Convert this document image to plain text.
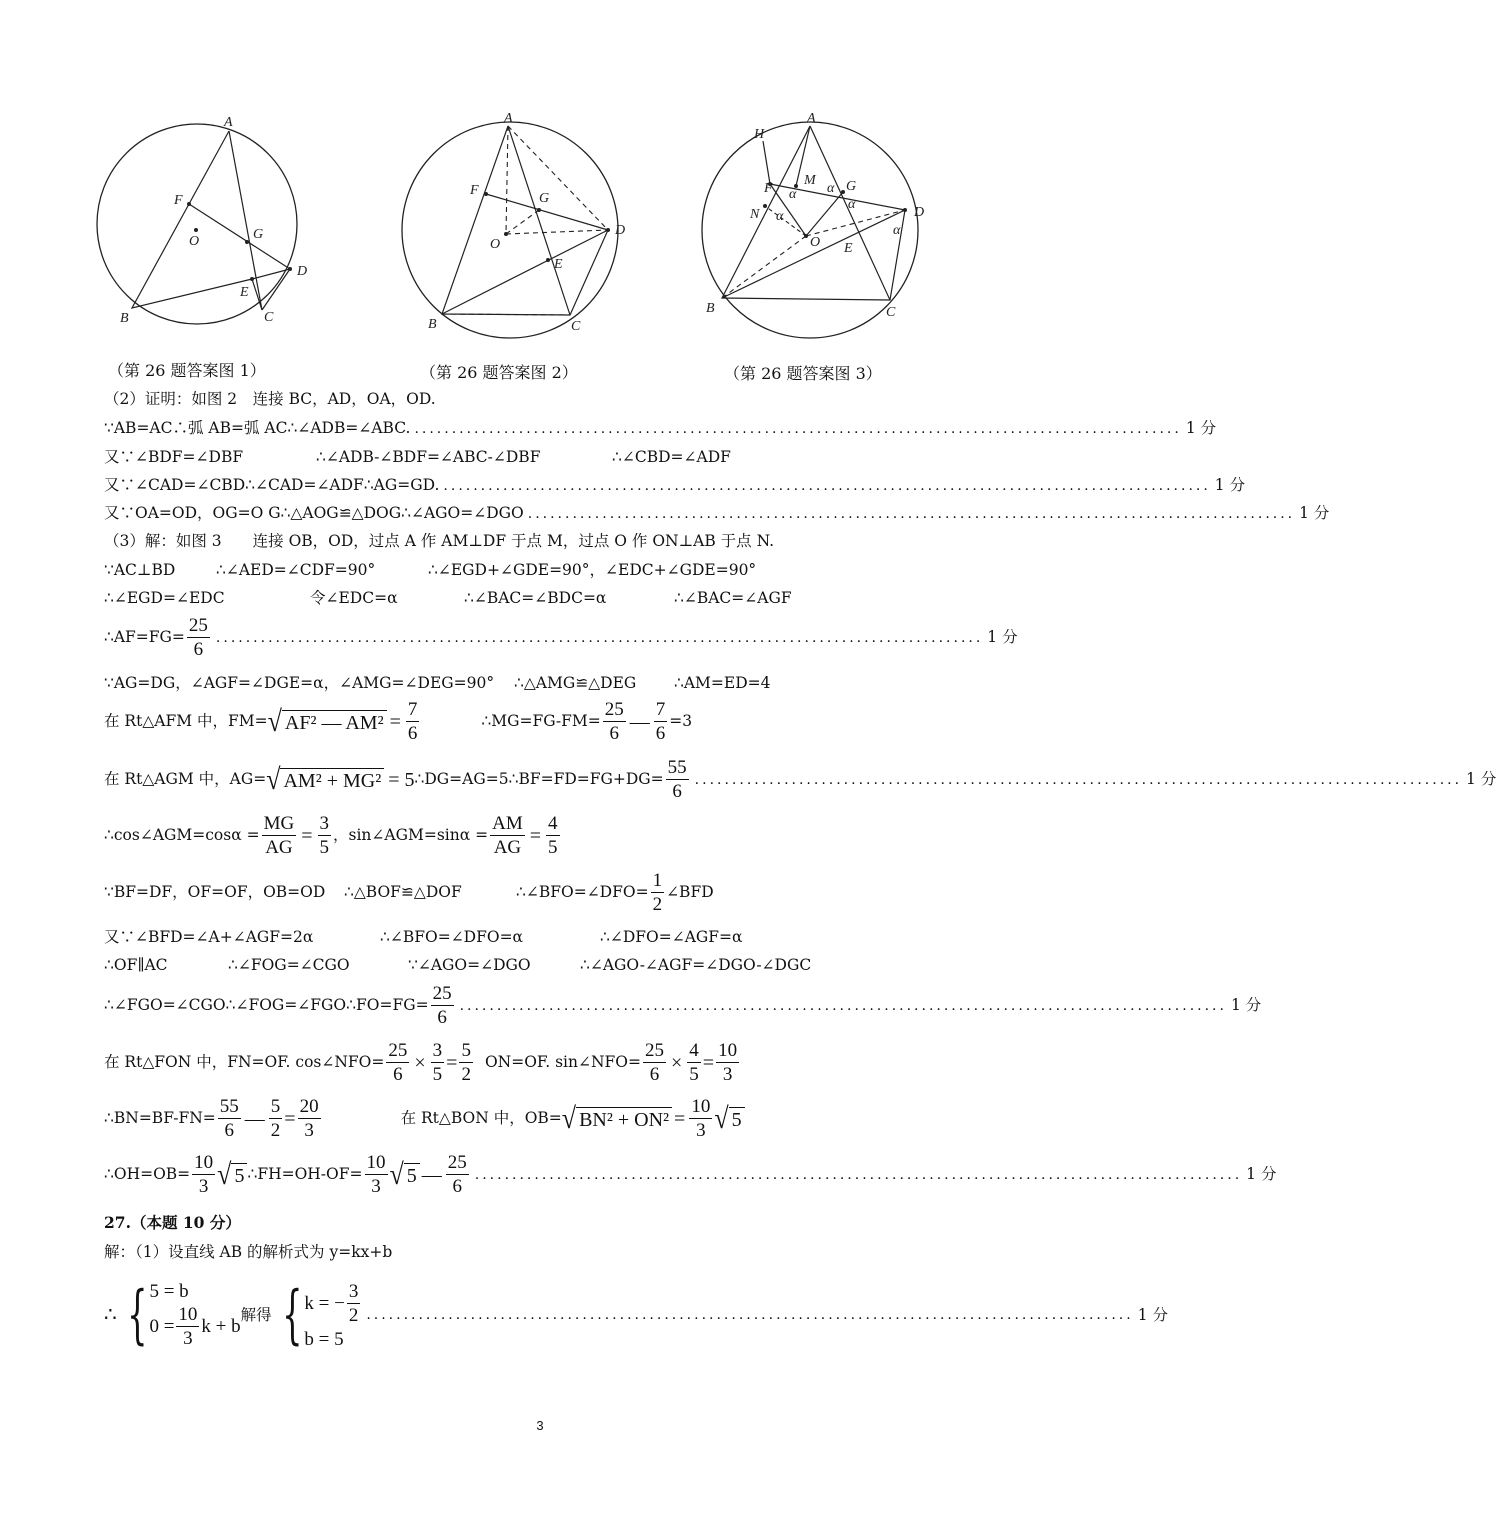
A
F
O	G
D
E
C
B
A
F
G
O
D
E
B	C
H
A
F
M G
D
N
O E
B	C
α α
α
α
α
（第 26 题答案图 1）	（第 26 题答案图 2）	（第 26 题答案图 3）
（2）证明：如图 2　连接 BC，AD，OA，OD.
∵AB=AC ∴弧 AB=弧 AC ∴∠ADB=∠ABC. ....................................................................................................... 1 分
又∵∠BDF=∠DBF	∴∠ADB-∠BDF=∠ABC-∠DBF	∴∠CBD=∠ADF
又∵∠CAD=∠CBD ∴∠CAD=∠ADF ∴AG=GD. ....................................................................................................... 1 分
又∵OA=OD，OG=O G ∴△AOG≌△DOG ∴∠AGO=∠DGO ....................................................................................................... 1 分
（3）解：如图 3　　连接 OB，OD，过点 A 作 AM⊥DF 于点 M，过点 O 作 ON⊥AB 于点 N.
∵AC⊥BD	∴∠AED=∠CDF=90°	∴∠EGD+∠GDE=90°，∠EDC+∠GDE=90°
∴∠EGD=∠EDC	令∠EDC=α	∴∠BAC=∠BDC=α	∴∠BAC=∠AGF
∴AF=FG= $\frac{25}{6}$ ....................................................................................................... 1 分
∵AG=DG，∠AGF=∠DGE=α，∠AMG=∠DEG=90°	∴△AMG≌△DEG	∴AM=ED=4
在 Rt△AFM 中，FM= √ AF² — $AM^2 = \frac{7}{6}$	∴MG=FG-FM= $\frac{25}{6}$ — $\frac{7}{6} =3$
在 Rt△AGM 中，AG= √ AM² + MG² = 5 ∴DG=AG=5 ∴BF=FD=FG+DG= $\frac{55}{6}$ ....................................................................................................... 1 分
∴cos∠AGM=cosα = $\frac{MG}{AG} = \frac{3}{5}$ ，sin∠AGM=sinα = $\frac{AM}{AG} = \frac{4}{5}$
∵BF=DF，OF=OF，OB=OD	∴△BOF≌△DOF	∴∠BFO=∠DFO= $\frac{1}{2}$ ∠BFD
又∵∠BFD=∠A+∠AGF=2α	∴∠BFO=∠DFO=α	∴∠DFO=∠AGF=α
∴OF∥AC	∴∠FOG=∠CGO	∵∠AGO=∠DGO	∴∠AGO-∠AGF=∠DGO-∠DGC
∴∠FGO=∠CGO ∴∠FOG=∠FGO ∴FO=FG= $\frac{25}{6}$ ....................................................................................................... 1 分
在 Rt△FON 中，FN=OF. cos∠NFO= $\frac{25}{6} \times \frac{3}{5} = \frac{5}{2} ON=OF$. sin∠NFO= $\frac{25}{6} \times \frac{4}{5} = \frac{10}{3}$
∴BN=BF-FN= $\frac{55}{6}$ — $\frac{5}{2} = \frac{20}{3}$	在 Rt△BON 中，OB= √ $BN^2 + ON^2 = \frac{10}{3}$ √ 5
∴OH=OB= $\frac{10}{3}$ √ 5 ∴FH=OH-OF= $\frac{10}{3}$ √ 5 — $\frac{25}{6}$ ....................................................................................................... 1 分
27.（本题 10 分）
解：（1）设直线 AB 的解析式为 y=kx+b
∴ { 5 = b
$0 = \frac{10}{3}$ k + b
解得 { k = − $\frac{3}{2}$
b = 5
....................................................................................................... 1 分
3
